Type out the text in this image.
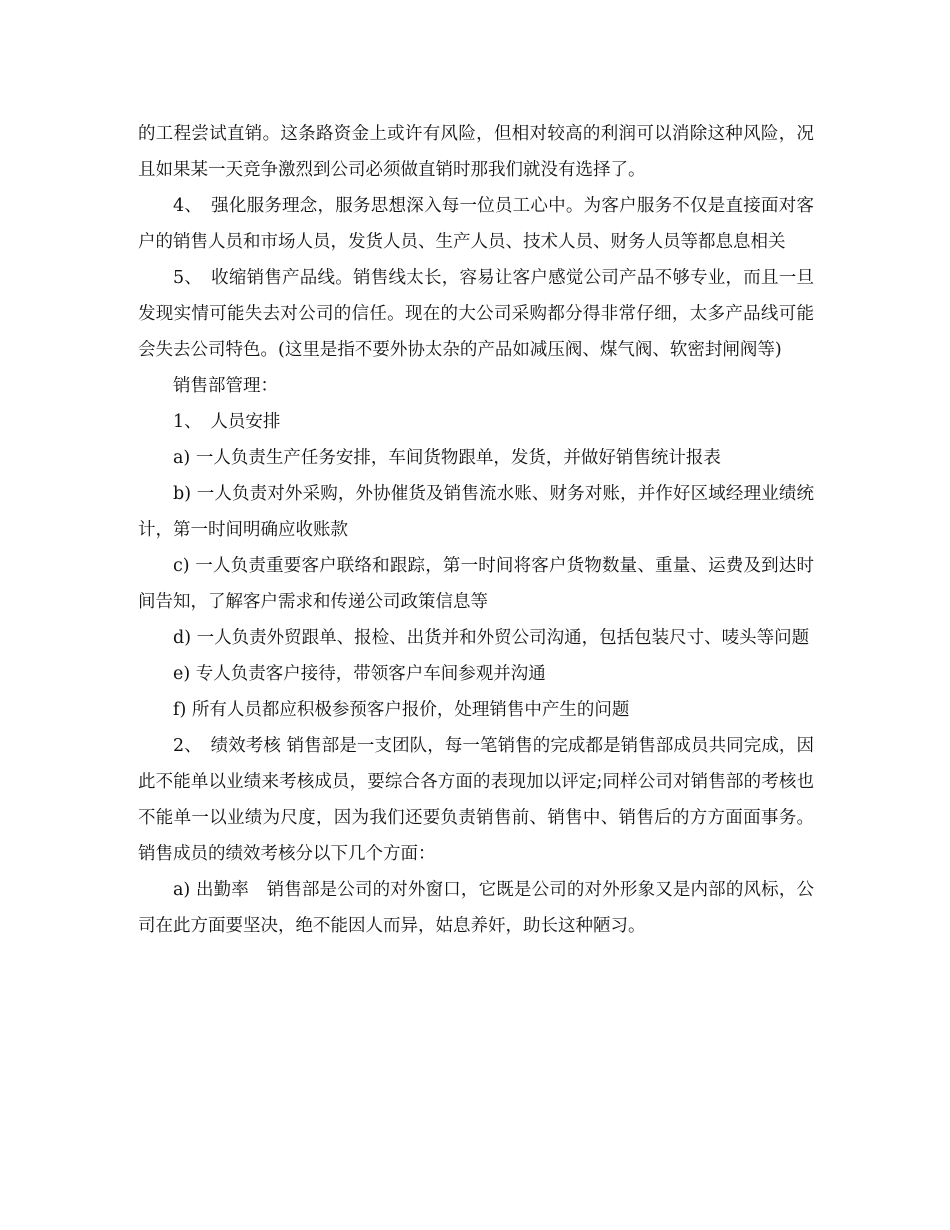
的工程尝试直销。这条路资金上或许有风险，但相对较高的利润可以消除这种风险，况且如果某一天竞争激烈到公司必须做直销时那我们就没有选择了。

4、　强化服务理念，服务思想深入每一位员工心中。为客户服务不仅是直接面对客户的销售人员和市场人员，发货人员、生产人员、技术人员、财务人员等都息息相关

5、　收缩销售产品线。销售线太长，容易让客户感觉公司产品不够专业，而且一旦发现实情可能失去对公司的信任。现在的大公司采购都分得非常仔细，太多产品线可能会失去公司特色。(这里是指不要外协太杂的产品如减压阀、煤气阀、软密封闸阀等)

销售部管理：

1、　人员安排

a) 一人负责生产任务安排，车间货物跟单，发货，并做好销售统计报表

b) 一人负责对外采购，外协催货及销售流水账、财务对账，并作好区域经理业绩统计，第一时间明确应收账款

c) 一人负责重要客户联络和跟踪，第一时间将客户货物数量、重量、运费及到达时间告知，了解客户需求和传递公司政策信息等

d) 一人负责外贸跟单、报检、出货并和外贸公司沟通，包括包装尺寸、唛头等问题

e) 专人负责客户接待，带领客户车间参观并沟通

f) 所有人员都应积极参预客户报价，处理销售中产生的问题

2、　绩效考核 销售部是一支团队，每一笔销售的完成都是销售部成员共同完成，因此不能单以业绩来考核成员，要综合各方面的表现加以评定;同样公司对销售部的考核也不能单一以业绩为尺度，因为我们还要负责销售前、销售中、销售后的方方面面事务。销售成员的绩效考核分以下几个方面：

a) 出勤率　销售部是公司的对外窗口，它既是公司的对外形象又是内部的风标，公司在此方面要坚决，绝不能因人而异，姑息养奸，助长这种陋习。
